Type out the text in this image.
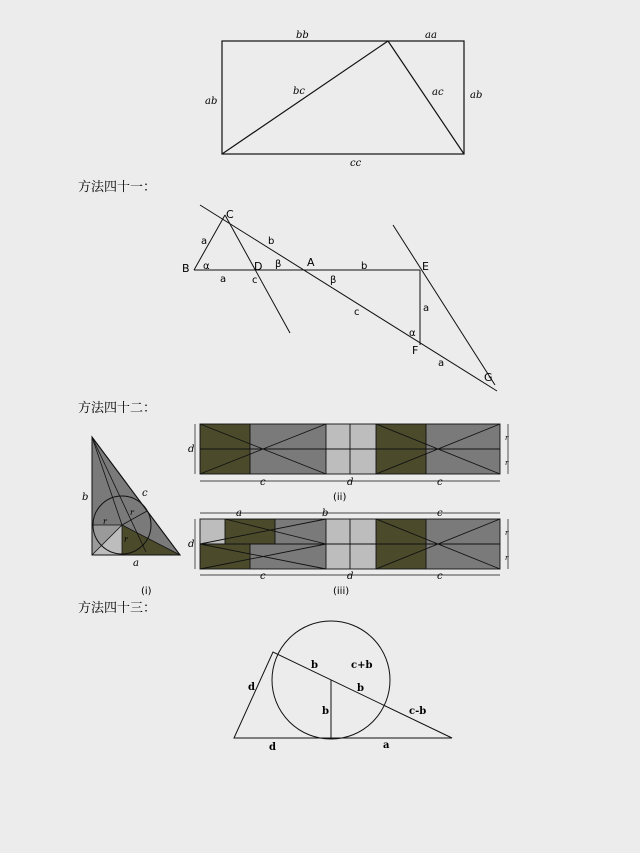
bb	aa
ab
ab
bc	ac
cc
方法四十一：
C
B	D	A	E
F
G
a	b
a
α	β	b
β
c
c	a
α
a
方法四十二：
b	c
a
r
r
r
(i)
d
c	d	c
r
r
(ii)
a	b	c
d
c	d	c
r
r
(iii)
方法四十三：
d
b	c+b
b
b
c-b
d	a
